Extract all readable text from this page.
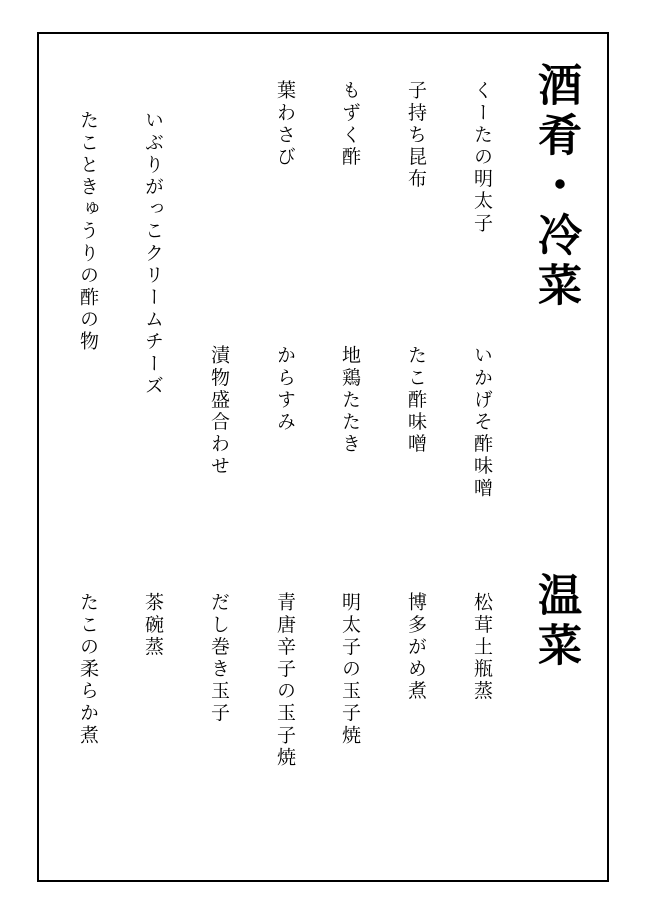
酒肴・冷菜
くーたの明太子
子持ち昆布
もずく酢
葉わさび
いぶりがっこクリームチーズ
たこときゅうりの酢の物
いかげそ酢味噌
たこ酢味噌
地鶏たたき
からすみ
漬物盛合わせ
温菜
松茸土瓶蒸
博多がめ煮
明太子の玉子焼
青唐辛子の玉子焼
だし巻き玉子
茶碗蒸
たこの柔らか煮
